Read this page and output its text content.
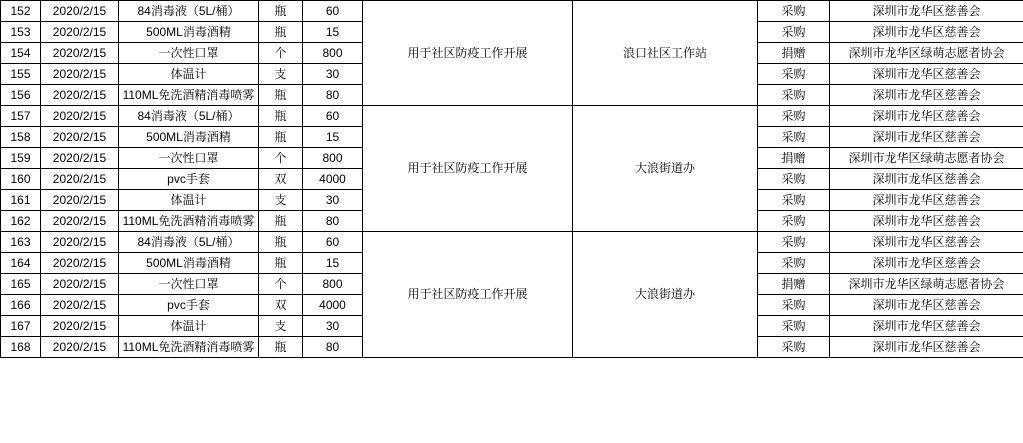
152	2020/2/15	84消毒液（5L/桶）	瓶	60	用于社区防疫工作开展	浪口社区工作站	采购	深圳市龙华区慈善会
153	2020/2/15	500ML消毒酒精	瓶	15			采购	深圳市龙华区慈善会
154	2020/2/15	一次性口罩	个	800			捐赠	深圳市龙华区绿萌志愿者协会
155	2020/2/15	体温计	支	30			采购	深圳市龙华区慈善会
156	2020/2/15	110ML免洗酒精消毒喷雾	瓶	80			采购	深圳市龙华区慈善会
157	2020/2/15	84消毒液（5L/桶）	瓶	60	用于社区防疫工作开展	大浪街道办	采购	深圳市龙华区慈善会
158	2020/2/15	500ML消毒酒精	瓶	15			采购	深圳市龙华区慈善会
159	2020/2/15	一次性口罩	个	800			捐赠	深圳市龙华区绿萌志愿者协会
160	2020/2/15	pvc手套	双	4000			采购	深圳市龙华区慈善会
161	2020/2/15	体温计	支	30			采购	深圳市龙华区慈善会
162	2020/2/15	110ML免洗酒精消毒喷雾	瓶	80			采购	深圳市龙华区慈善会
163	2020/2/15	84消毒液（5L/桶）	瓶	60	用于社区防疫工作开展	大浪街道办	采购	深圳市龙华区慈善会
164	2020/2/15	500ML消毒酒精	瓶	15			采购	深圳市龙华区慈善会
165	2020/2/15	一次性口罩	个	800			捐赠	深圳市龙华区绿萌志愿者协会
166	2020/2/15	pvc手套	双	4000			采购	深圳市龙华区慈善会
167	2020/2/15	体温计	支	30			采购	深圳市龙华区慈善会
168	2020/2/15	110ML免洗酒精消毒喷雾	瓶	80			采购	深圳市龙华区慈善会
